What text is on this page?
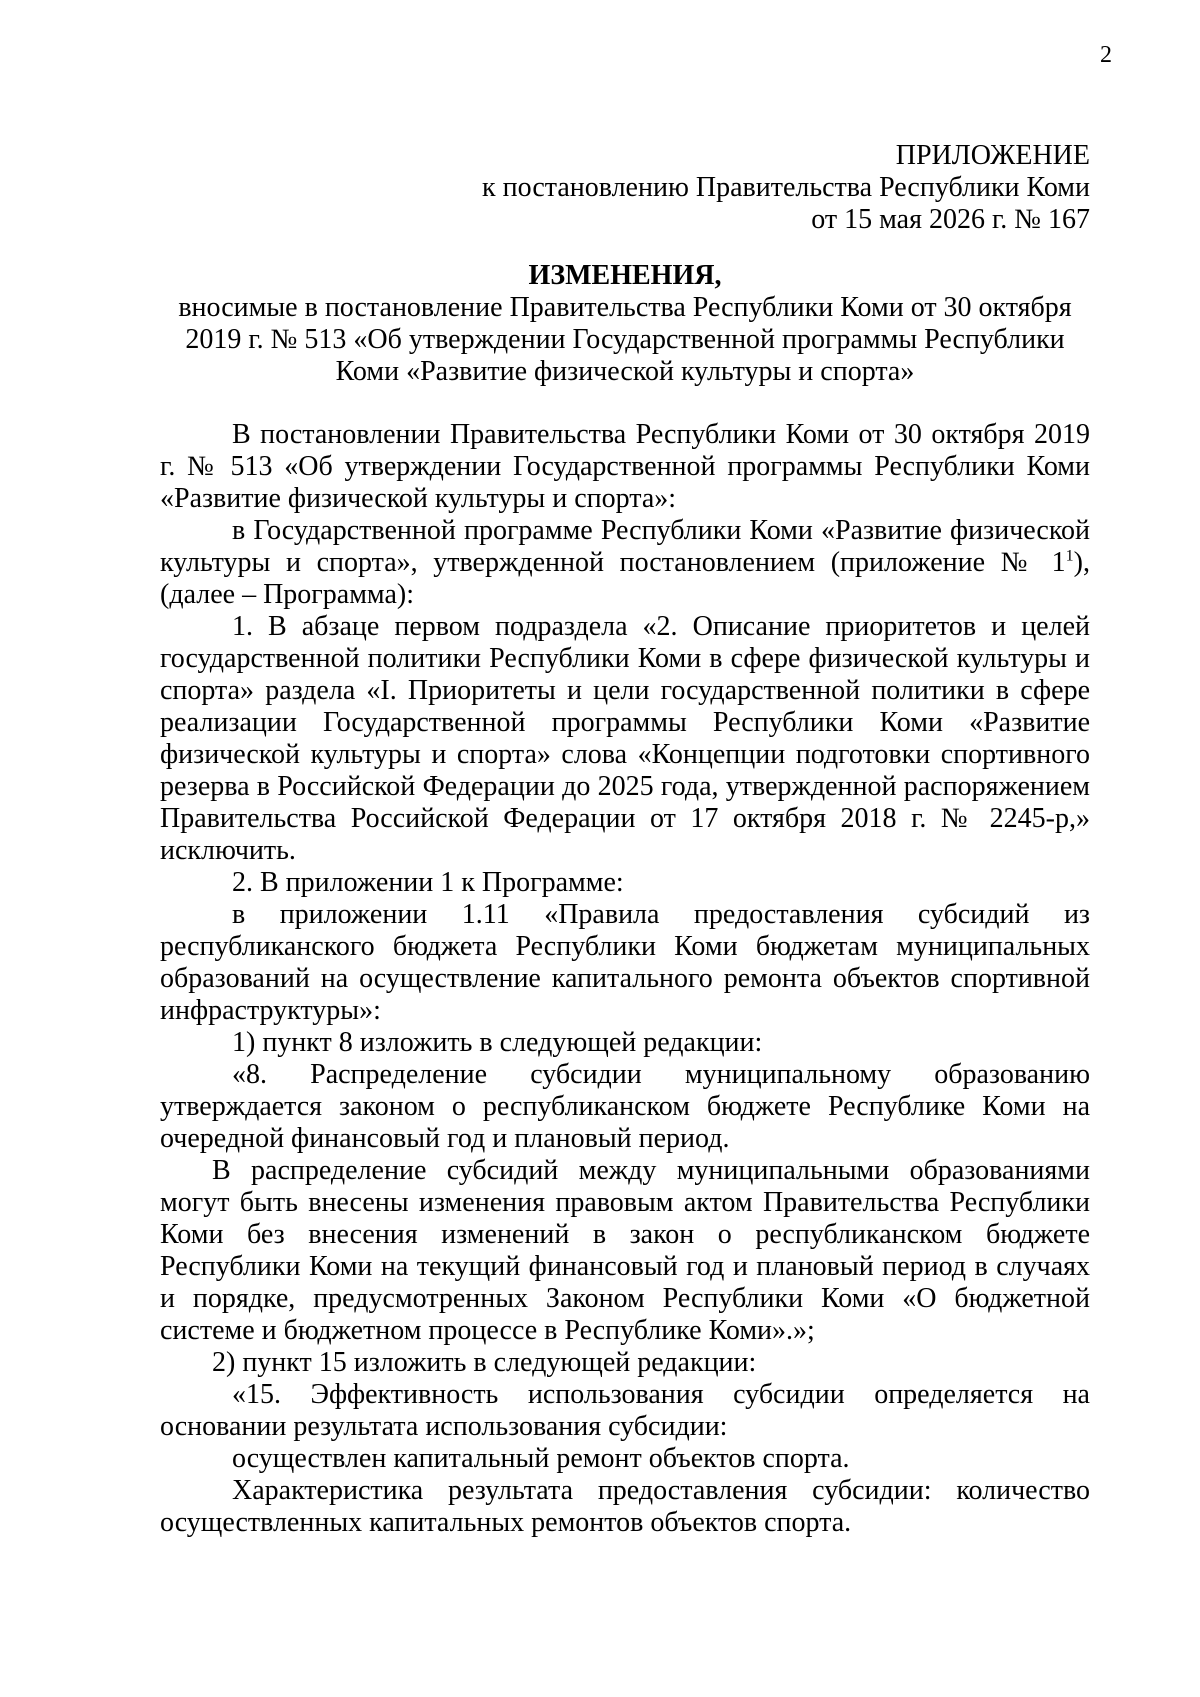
2
ПРИЛОЖЕНИЕ
к постановлению Правительства Республики Коми
от 15 мая 2026 г. № 167
ИЗМЕНЕНИЯ,
вносимые в постановление Правительства Республики Коми от 30 октября 2019 г. № 513 «Об утверждении Государственной программы Республики Коми «Развитие физической культуры и спорта»

В постановлении Правительства Республики Коми от 30 октября 2019 г. № 513 «Об утверждении Государственной программы Республики Коми «Развитие физической культуры и спорта»:

в Государственной программе Республики Коми «Развитие физической культуры и спорта», утвержденной постановлением (приложение № $1^1$), (далее – Программа):

1. В абзаце первом подраздела «2. Описание приоритетов и целей государственной политики Республики Коми в сфере физической культуры и спорта» раздела «I. Приоритеты и цели государственной политики в сфере реализации Государственной программы Республики Коми «Развитие физической культуры и спорта» слова «Концепции подготовки спортивного резерва в Российской Федерации до 2025 года, утвержденной распоряжением Правительства Российской Федерации от 17 октября 2018 г. № 2245-р,» исключить.

2. В приложении 1 к Программе:

в приложении 1.11 «Правила предоставления субсидий из республиканского бюджета Республики Коми бюджетам муниципальных образований на осуществление капитального ремонта объектов спортивной инфраструктуры»:

1) пункт 8 изложить в следующей редакции:

«8. Распределение субсидии муниципальному образованию утверждается законом о республиканском бюджете Республике Коми на очередной финансовый год и плановый период.

В распределение субсидий между муниципальными образованиями могут быть внесены изменения правовым актом Правительства Республики Коми без внесения изменений в закон о республиканском бюджете Республики Коми на текущий финансовый год и плановый период в случаях и порядке, предусмотренных Законом Республики Коми «О бюджетной системе и бюджетном процессе в Республике Коми».»;

2) пункт 15 изложить в следующей редакции:

«15. Эффективность использования субсидии определяется на основании результата использования субсидии:

осуществлен капитальный ремонт объектов спорта.

Характеристика результата предоставления субсидии: количество осуществленных капитальных ремонтов объектов спорта.
